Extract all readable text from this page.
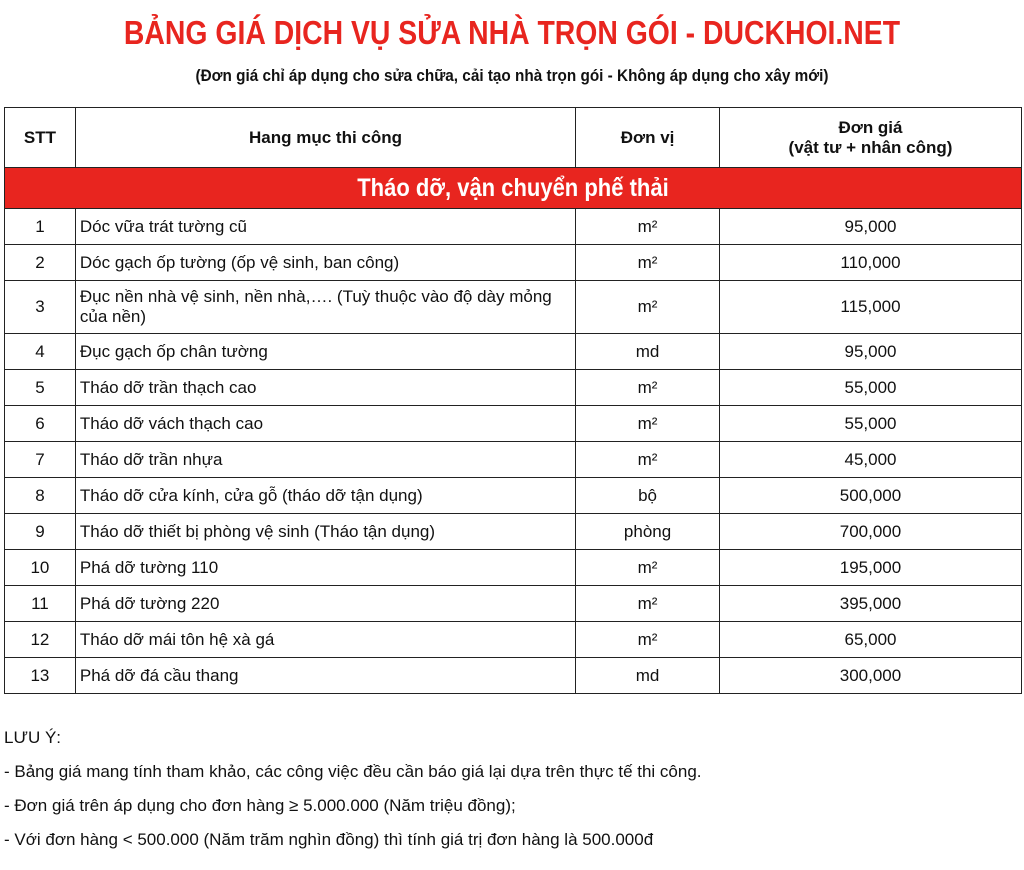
BẢNG GIÁ DỊCH VỤ SỬA NHÀ TRỌN GÓI - DUCKHOI.NET
(Đơn giá chỉ áp dụng cho sửa chữa, cải tạo nhà trọn gói - Không áp dụng cho xây mới)
STT	Hang mục thi công	Đơn vị	Đơn giá
(vật tư + nhân công)

Tháo dỡ, vận chuyển phế thải			
1	Dóc vữa trát tường cũ	m²	95,000
2	Dóc gạch ốp tường (ốp vệ sinh, ban công)	m²	110,000
3	Đục nền nhà vệ sinh, nền nhà,…. (Tuỳ thuộc vào độ dày mỏng của nền)	m²	115,000
4	Đục gạch ốp chân tường	md	95,000
5	Tháo dỡ trần thạch cao	m²	55,000
6	Tháo dỡ vách thạch cao	m²	55,000
7	Tháo dỡ trần nhựa	m²	45,000
8	Tháo dỡ cửa kính, cửa gỗ (tháo dỡ tận dụng)	bộ	500,000
9	Tháo dỡ thiết bị phòng vệ sinh (Tháo tận dụng)	phòng	700,000
10	Phá dỡ tường 110	m²	195,000
11	Phá dỡ tường 220	m²	395,000
12	Tháo dỡ mái tôn hệ xà gá	m²	65,000
13	Phá dỡ đá cầu thang	md	300,000
LƯU Ý:
- Bảng giá mang tính tham khảo, các công việc đều cần báo giá lại dựa trên thực tế thi công.
- Đơn giá trên áp dụng cho đơn hàng ≥ 5.000.000 (Năm triệu đồng);
- Với đơn hàng < 500.000 (Năm trăm nghìn đồng) thì tính giá trị đơn hàng là 500.000đ
